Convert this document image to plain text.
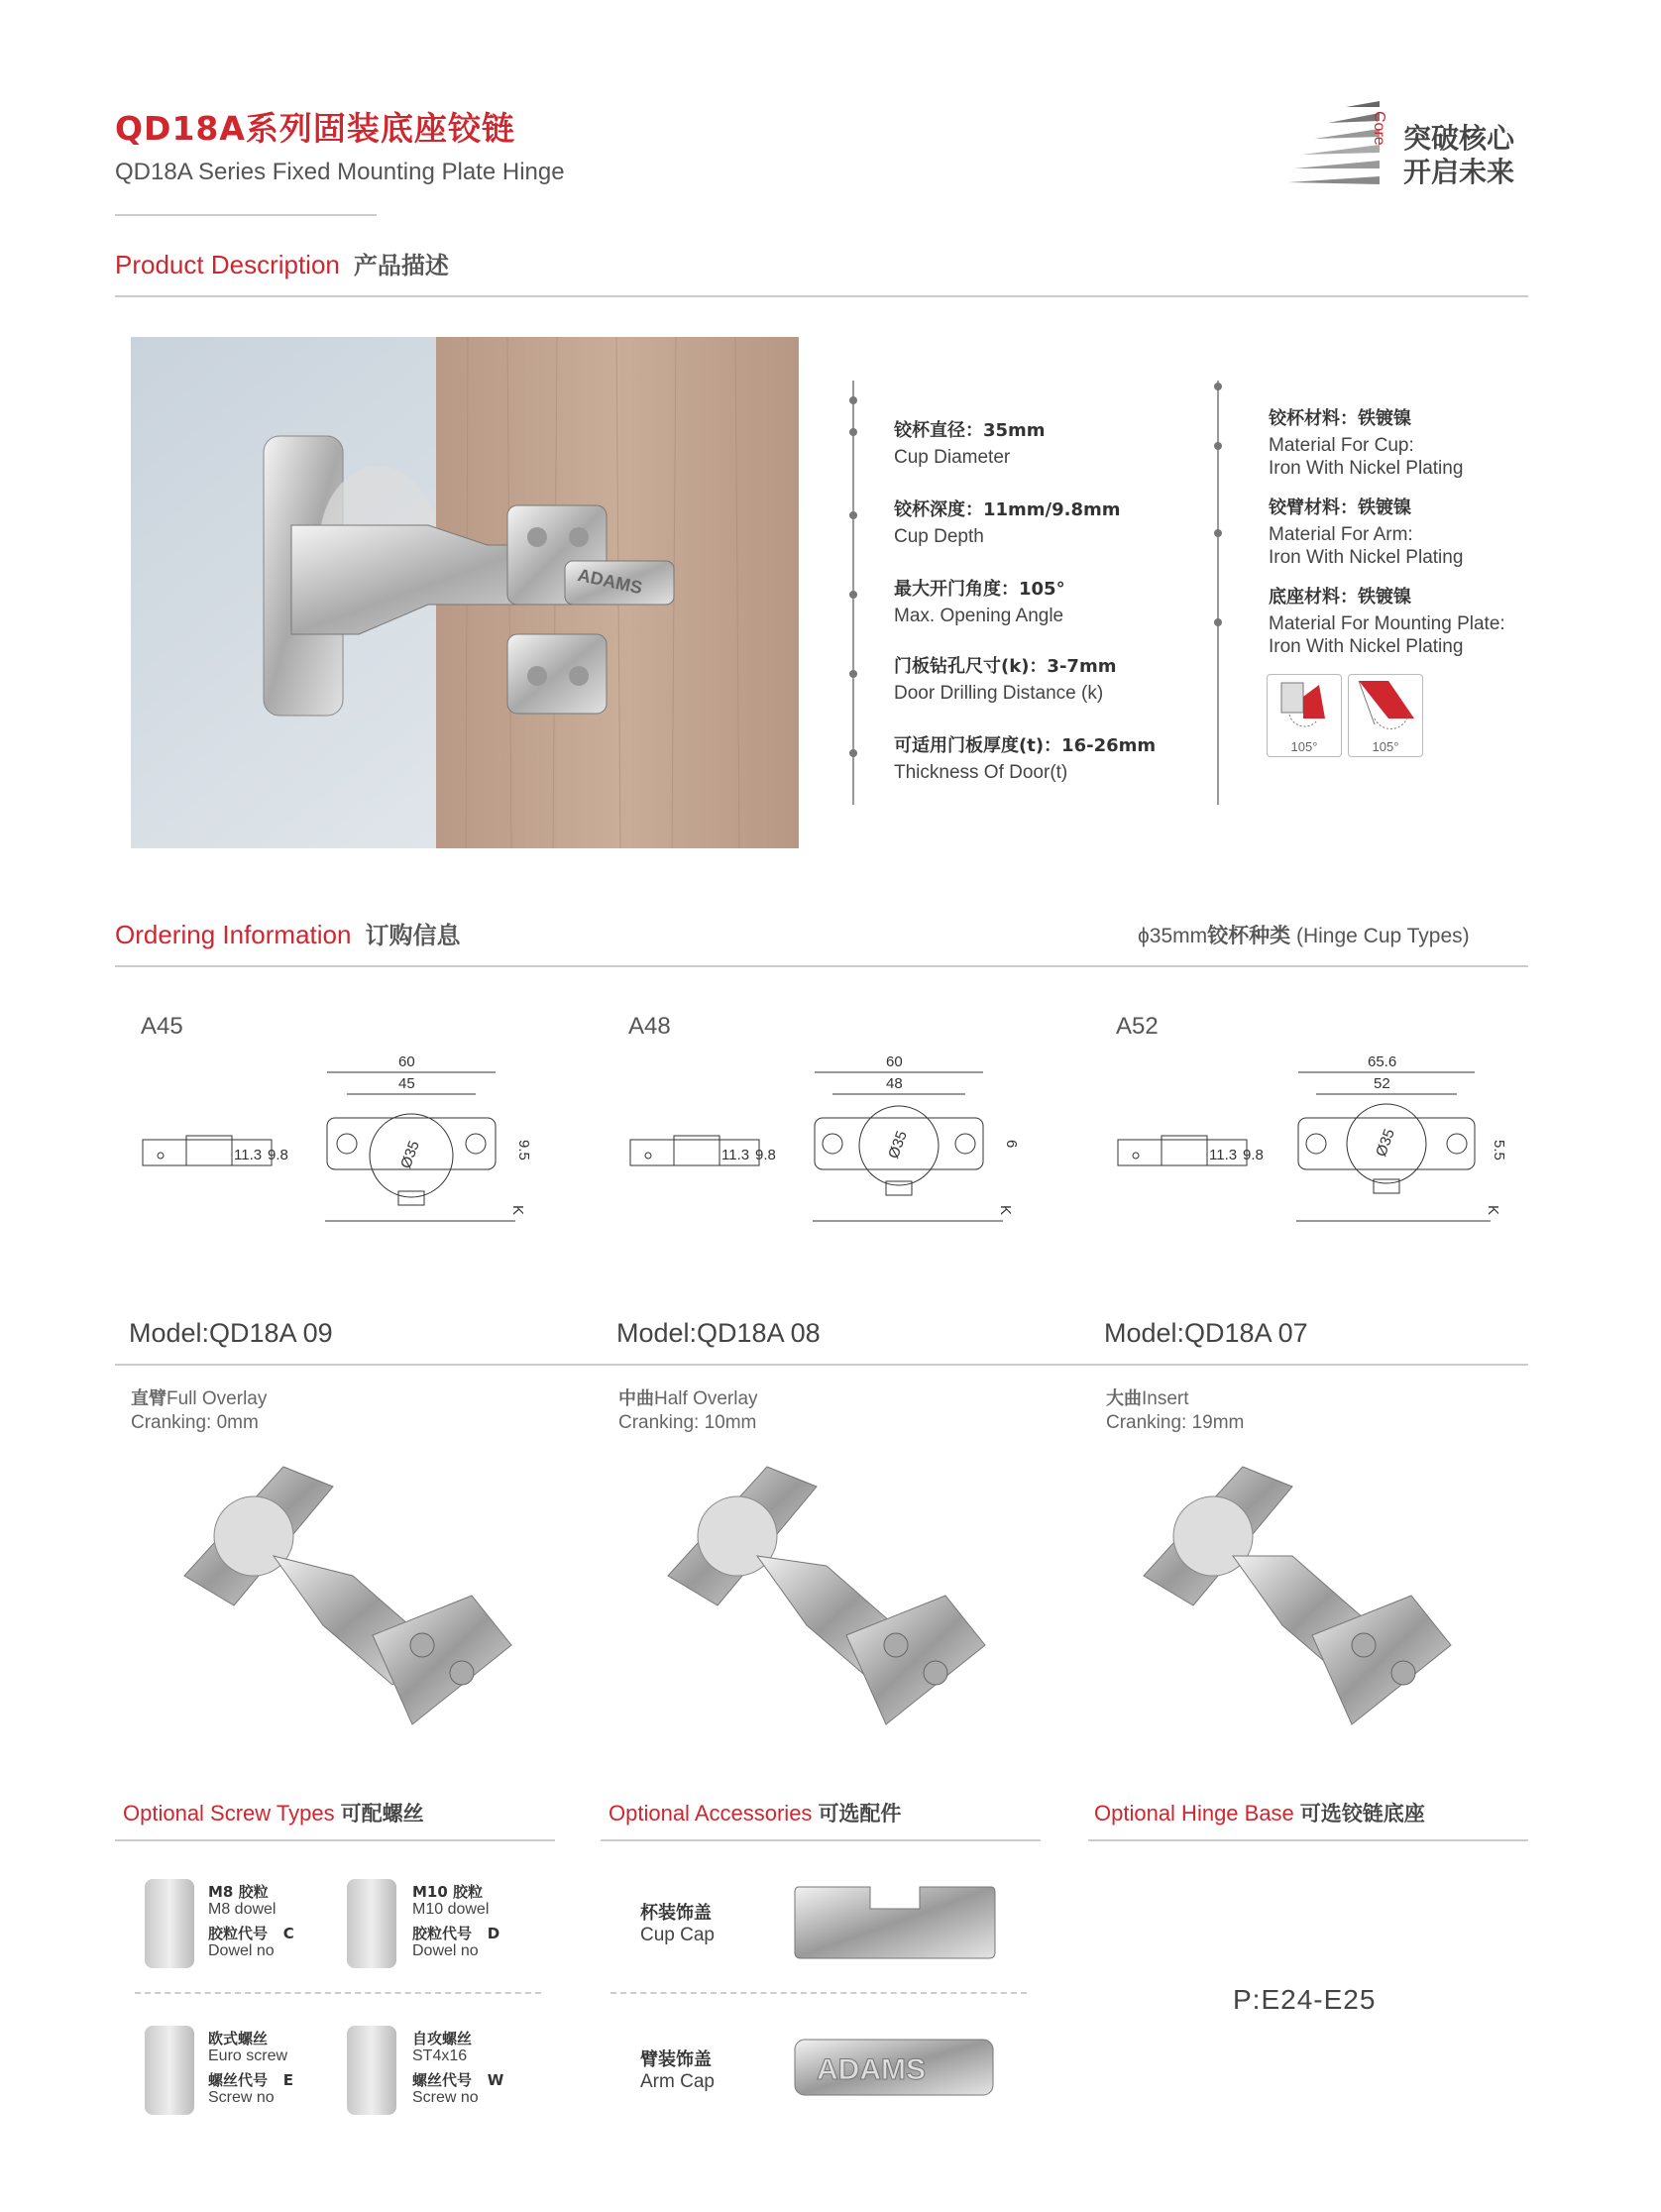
QD18A系列固装底座铰链
QD18A Series Fixed Mounting Plate Hinge
Core 突破核心
开启未来
Product Description 产品描述
ADAMS
铰杯直径：35mm
Cup Diameter
铰杯深度：11mm/9.8mm
Cup Depth
最大开门角度：105°
Max. Opening Angle
门板钻孔尺寸(k)：3-7mm
Door Drilling Distance (k)
可适用门板厚度(t)：16-26mm
Thickness Of Door(t)
铰杯材料：铁镀镍
Material For Cup:
Iron With Nickel Plating
铰臂材料：铁镀镍
Material For Arm:
Iron With Nickel Plating
底座材料：铁镀镍
Material For Mounting Plate:
Iron With Nickel Plating
105°	105°
Ordering Information 订购信息	ϕ35mm铰杯种类 (Hinge Cup Types)
A45
11.3 9.8
60
45
Ø35	9.5
K
A48
11.3 9.8
60
48
Ø35	6
K
A52
11.3 9.8
65.6
52
Ø35	5.5
K
Model:QD18A 09	Model:QD18A 08	Model:QD18A 07
直臂Full Overlay
Cranking: 0mm
中曲Half Overlay
Cranking: 10mm
大曲Insert
Cranking: 19mm
Optional Screw Types 可配螺丝	Optional Accessories 可选配件	Optional Hinge Base 可选铰链底座
M8 胶粒
M8 dowel
胶粒代号 C
Dowel no
M10 胶粒
M10 dowel
胶粒代号 D
Dowel no
欧式螺丝
Euro screw
螺丝代号 E
Screw no
自攻螺丝
ST4x16
螺丝代号 W
Screw no
杯装饰盖
Cup Cap
臂装饰盖
Arm Cap	ADAMS
P:E24-E25
